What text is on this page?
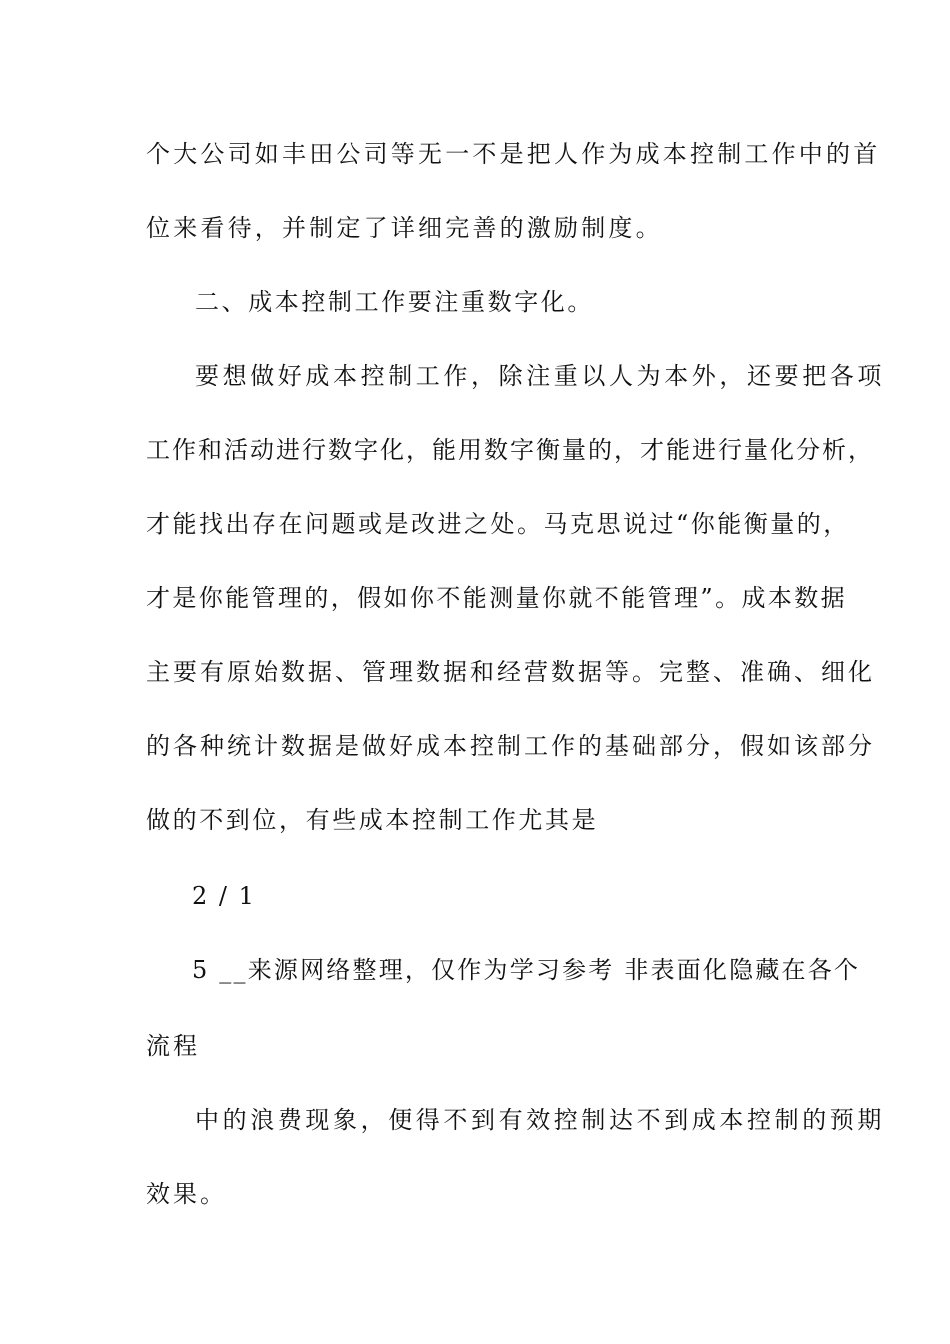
个大公司如丰田公司等无一不是把人作为成本控制工作中的首
位来看待，并制定了详细完善的激励制度。
二、成本控制工作要注重数字化。
要想做好成本控制工作，除注重以人为本外，还要把各项
工作和活动进行数字化，能用数字衡量的，才能进行量化分析，
才能找出存在问题或是改进之处。马克思说过“你能衡量的，
才是你能管理的，假如你不能测量你就不能管理”。成本数据
主要有原始数据、管理数据和经营数据等。完整、准确、细化
的各种统计数据是做好成本控制工作的基础部分，假如该部分
做的不到位，有些成本控制工作尤其是
2 / 1
5 __来源网络整理，仅作为学习参考 非表面化隐藏在各个
流程
中的浪费现象，便得不到有效控制达不到成本控制的预期
效果。
